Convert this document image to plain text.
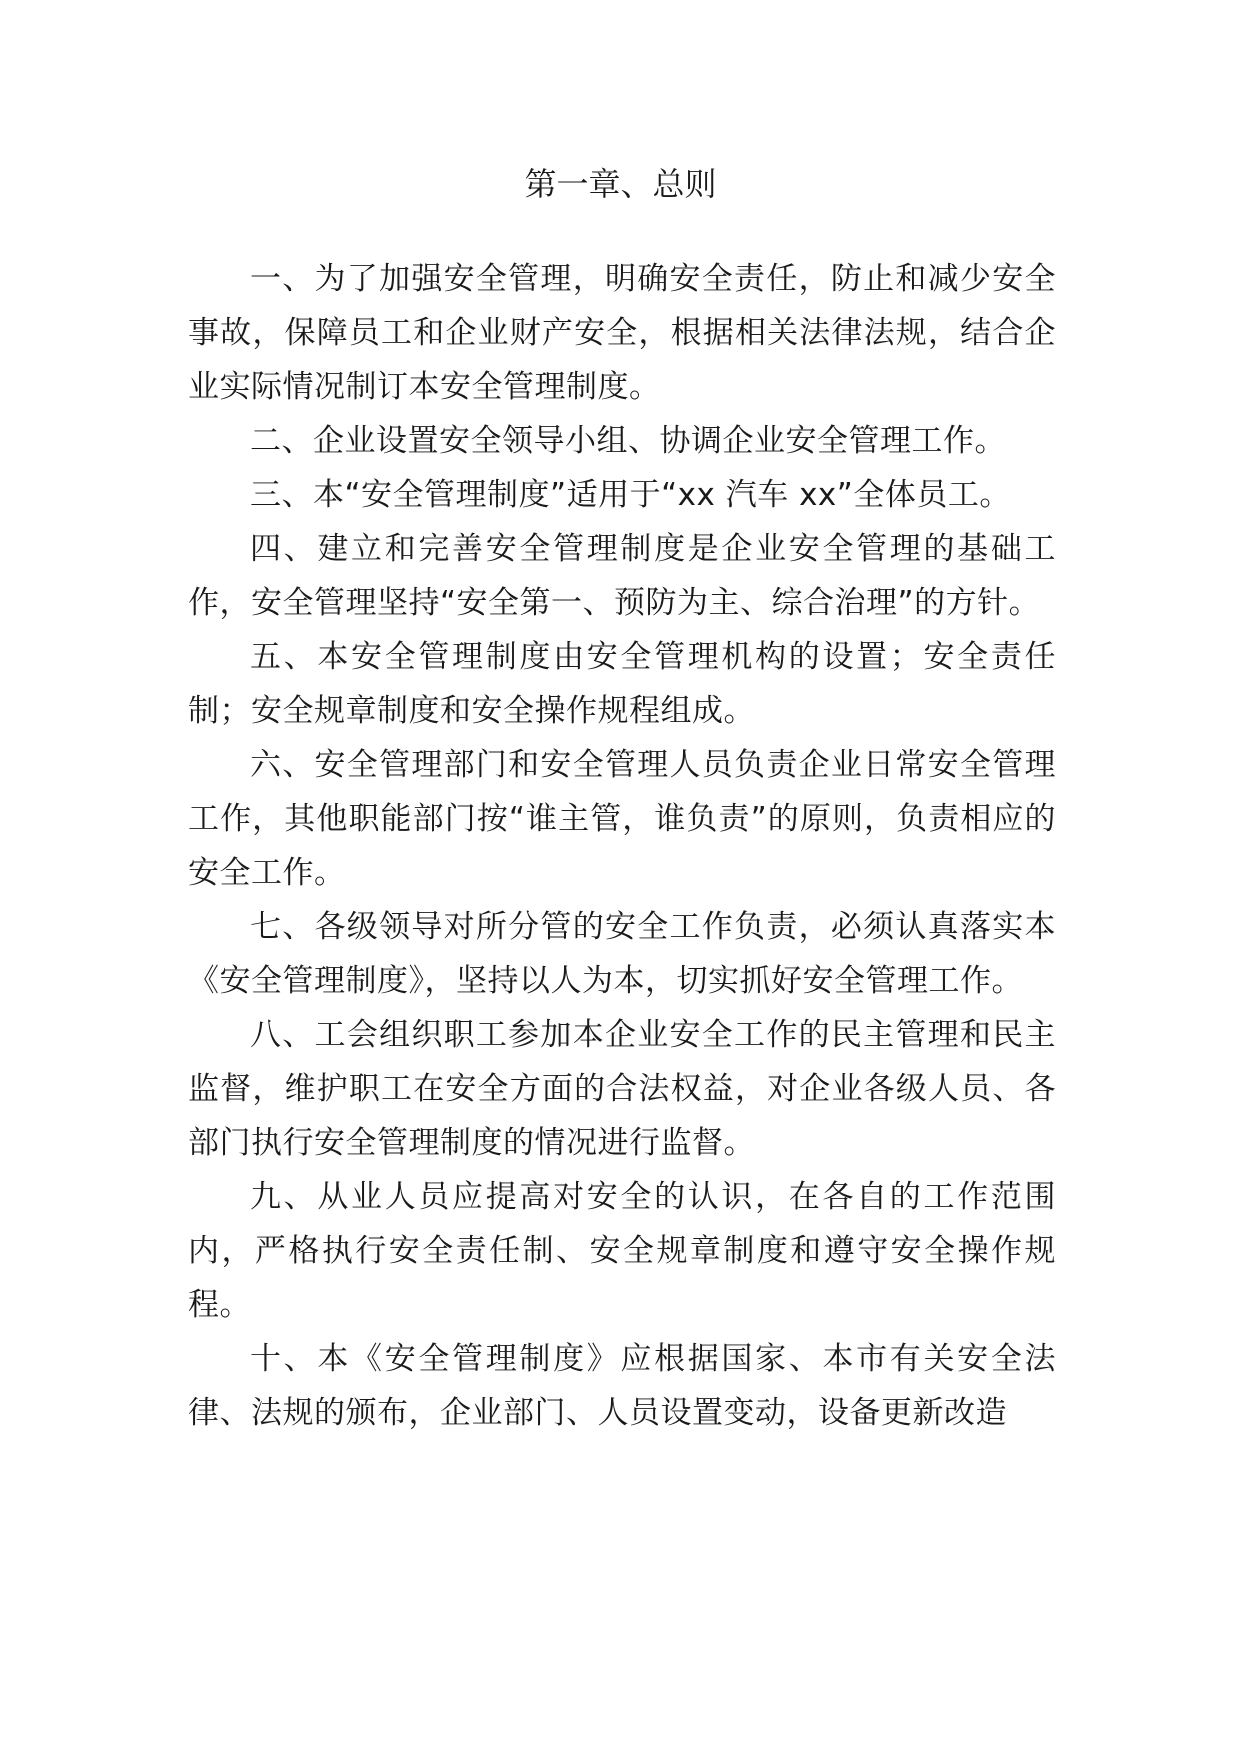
第一章、总则

一、为了加强安全管理，明确安全责任，防止和减少安全事故，保障员工和企业财产安全，根据相关法律法规，结合企业实际情况制订本安全管理制度。

二、企业设置安全领导小组、协调企业安全管理工作。

三、本“安全管理制度”适用于“xx 汽车 xx”全体员工。

四、建立和完善安全管理制度是企业安全管理的基础工作，安全管理坚持“安全第一、预防为主、综合治理”的方针。

五、本安全管理制度由安全管理机构的设置；安全责任制；安全规章制度和安全操作规程组成。

六、安全管理部门和安全管理人员负责企业日常安全管理工作，其他职能部门按“谁主管，谁负责”的原则，负责相应的安全工作。

七、各级领导对所分管的安全工作负责，必须认真落实本《安全管理制度》，坚持以人为本，切实抓好安全管理工作。

八、工会组织职工参加本企业安全工作的民主管理和民主监督，维护职工在安全方面的合法权益，对企业各级人员、各部门执行安全管理制度的情况进行监督。

九、从业人员应提高对安全的认识，在各自的工作范围内，严格执行安全责任制、安全规章制度和遵守安全操作规程。

十、本《安全管理制度》应根据国家、本市有关安全法律、法规的颁布，企业部门、人员设置变动，设备更新改造
